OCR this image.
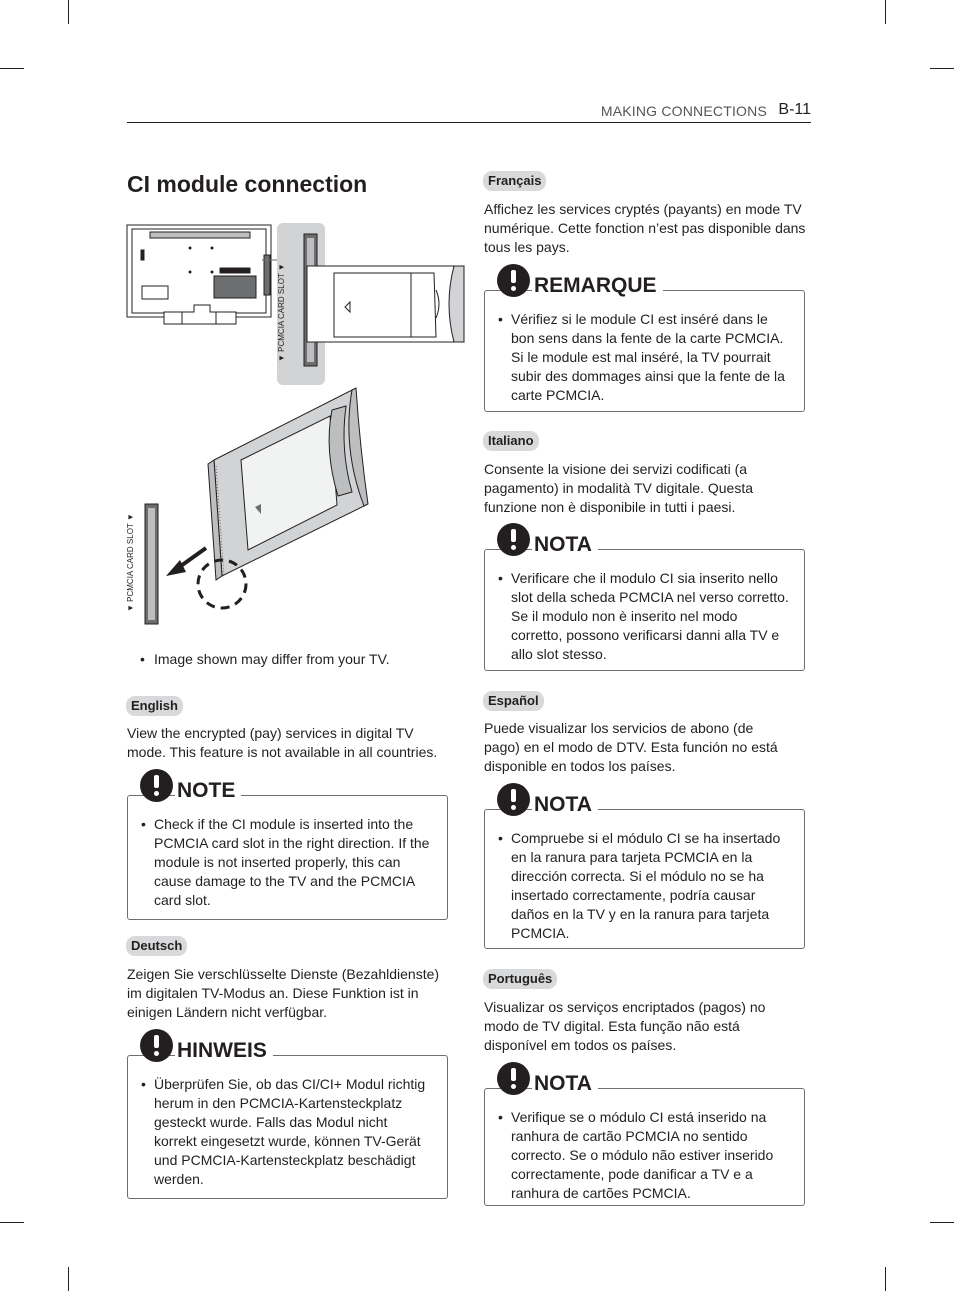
MAKING CONNECTIONS B-11
CI module connection
▼ PCMCIA CARD SLOT ▼
▼ PCMCIA CARD SLOT ▼
• Image shown may differ from your TV.
English

View the encrypted (pay) services in digital TV mode. This feature is not available in all countries.

NOTE
• Check if the CI module is inserted into the PCMCIA card slot in the right direction. If the module is not inserted properly, this can cause damage to the TV and the PCMCIA card slot.
Deutsch

Zeigen Sie verschlüsselte Dienste (Bezahldienste) im digitalen TV-Modus an. Diese Funktion ist in einigen Ländern nicht verfügbar.

HINWEIS
• Überprüfen Sie, ob das CI/CI+ Modul richtig herum in den PCMCIA-Kartensteckplatz gesteckt wurde. Falls das Modul nicht korrekt eingesetzt wurde, können TV-Gerät und PCMCIA-Kartensteckplatz beschädigt werden.
Français

Affichez les services cryptés (payants) en mode TV numérique. Cette fonction n’est pas disponible dans tous les pays.

REMARQUE
• Vérifiez si le module CI est inséré dans le bon sens dans la fente de la carte PCMCIA. Si le module est mal inséré, la TV pourrait subir des dommages ainsi que la fente de la carte PCMCIA.
Italiano

Consente la visione dei servizi codificati (a pagamento) in modalità TV digitale. Questa funzione non è disponibile in tutti i paesi.

NOTA
• Verificare che il modulo CI sia inserito nello slot della scheda PCMCIA nel verso corretto. Se il modulo non è inserito nel modo corretto, possono verificarsi danni alla TV e allo slot stesso.
Español

Puede visualizar los servicios de abono (de pago) en el modo de DTV. Esta función no está disponible en todos los países.

NOTA
• Compruebe si el módulo CI se ha insertado en la ranura para tarjeta PCMCIA en la dirección correcta. Si el módulo no se ha insertado correctamente, podría causar daños en la TV y en la ranura para tarjeta PCMCIA.
Português

Visualizar os serviços encriptados (pagos) no modo de TV digital. Esta função não está disponível em todos os países.

NOTA
• Verifique se o módulo CI está inserido na ranhura de cartão PCMCIA no sentido correcto. Se o módulo não estiver inserido correctamente, pode danificar a TV e a ranhura de cartões PCMCIA.
